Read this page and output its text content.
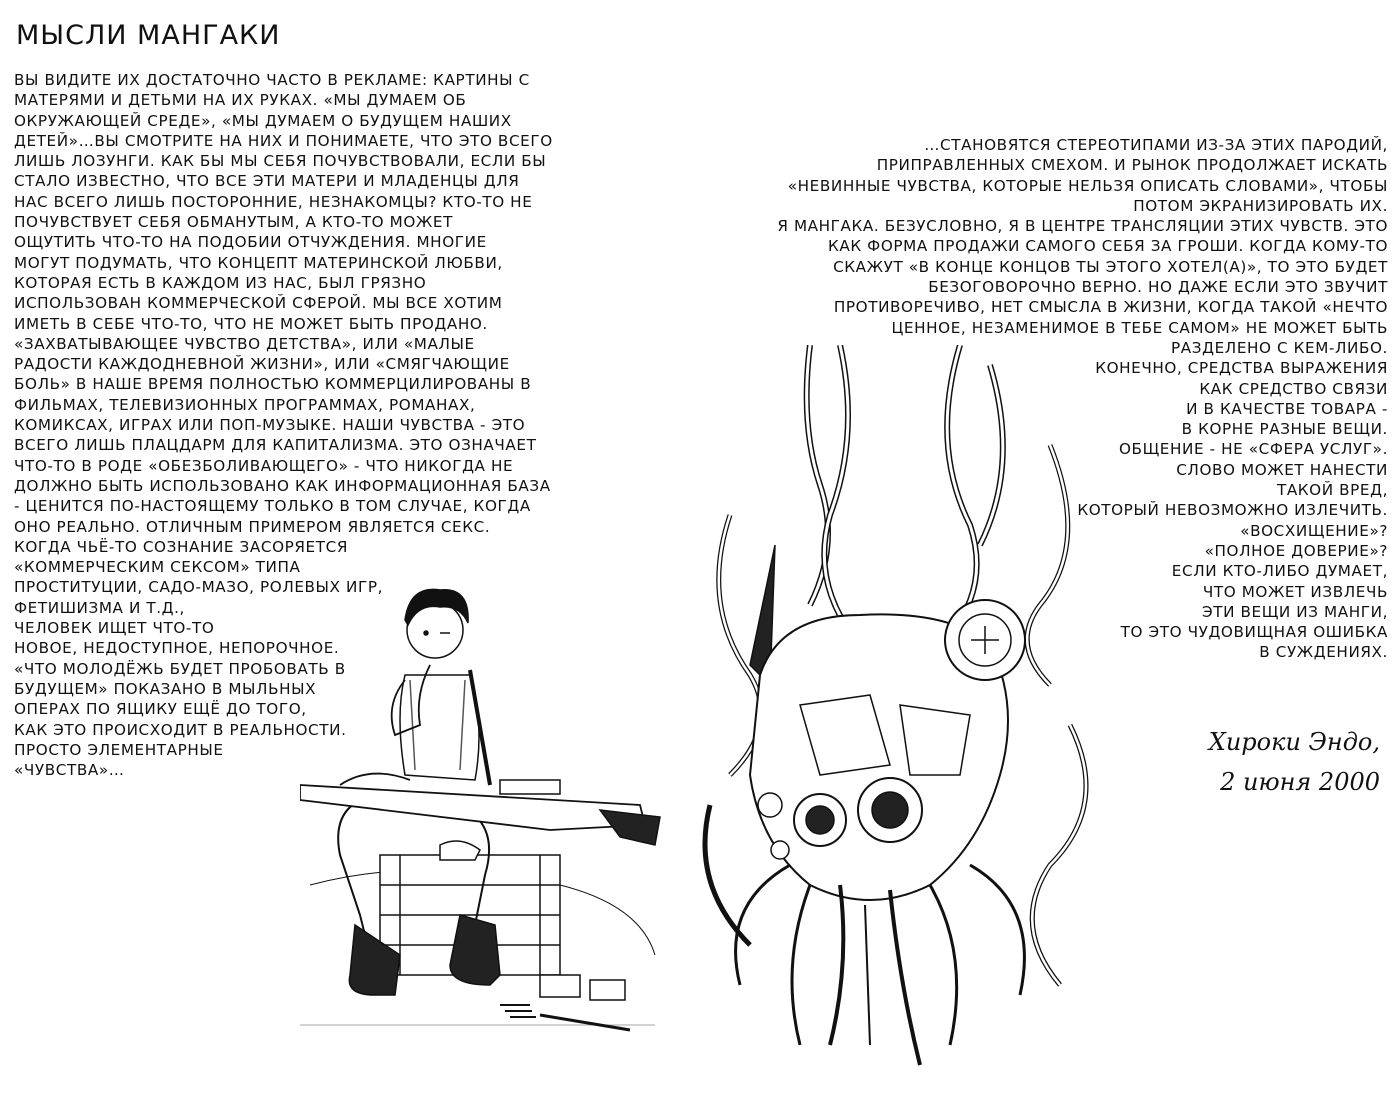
МЫСЛИ МАНГАКИ
ВЫ ВИДИТЕ ИХ ДОСТАТОЧНО ЧАСТО В РЕКЛАМЕ: КАРТИНЫ С
МАТЕРЯМИ И ДЕТЬМИ НА ИХ РУКАХ. «МЫ ДУМАЕМ ОБ
ОКРУЖАЮЩЕЙ СРЕДЕ», «МЫ ДУМАЕМ О БУДУЩЕМ НАШИХ
ДЕТЕЙ»…ВЫ СМОТРИТЕ НА НИХ И ПОНИМАЕТЕ, ЧТО ЭТО ВСЕГО
ЛИШЬ ЛОЗУНГИ. КАК БЫ МЫ СЕБЯ ПОЧУВСТВОВАЛИ, ЕСЛИ БЫ
СТАЛО ИЗВЕСТНО, ЧТО ВСЕ ЭТИ МАТЕРИ И МЛАДЕНЦЫ ДЛЯ
НАС ВСЕГО ЛИШЬ ПОСТОРОННИЕ, НЕЗНАКОМЦЫ? КТО-ТО НЕ
ПОЧУВСТВУЕТ СЕБЯ ОБМАНУТЫМ, А КТО-ТО МОЖЕТ
ОЩУТИТЬ ЧТО-ТО НА ПОДОБИИ ОТЧУЖДЕНИЯ. МНОГИЕ
МОГУТ ПОДУМАТЬ, ЧТО КОНЦЕПТ МАТЕРИНСКОЙ ЛЮБВИ,
КОТОРАЯ ЕСТЬ В КАЖДОМ ИЗ НАС, БЫЛ ГРЯЗНО
ИСПОЛЬЗОВАН КОММЕРЧЕСКОЙ СФЕРОЙ. МЫ ВСЕ ХОТИМ
ИМЕТЬ В СЕБЕ ЧТО-ТО, ЧТО НЕ МОЖЕТ БЫТЬ ПРОДАНО.
«ЗАХВАТЫВАЮЩЕЕ ЧУВСТВО ДЕТСТВА», ИЛИ «МАЛЫЕ
РАДОСТИ КАЖДОДНЕВНОЙ ЖИЗНИ», ИЛИ «СМЯГЧАЮЩИЕ
БОЛЬ» В НАШЕ ВРЕМЯ ПОЛНОСТЬЮ КОММЕРЦИЛИРОВАНЫ В
ФИЛЬМАХ, ТЕЛЕВИЗИОННЫХ ПРОГРАММАХ, РОМАНАХ,
КОМИКСАХ, ИГРАХ ИЛИ ПОП-МУЗЫКЕ. НАШИ ЧУВСТВА - ЭТО
ВСЕГО ЛИШЬ ПЛАЦДАРМ ДЛЯ КАПИТАЛИЗМА. ЭТО ОЗНАЧАЕТ
ЧТО-ТО В РОДЕ «ОБЕЗБОЛИВАЮЩЕГО» - ЧТО НИКОГДА НЕ
ДОЛЖНО БЫТЬ ИСПОЛЬЗОВАНО КАК ИНФОРМАЦИОННАЯ БАЗА
- ЦЕНИТСЯ ПО-НАСТОЯЩЕМУ ТОЛЬКО В ТОМ СЛУЧАЕ, КОГДА
ОНО РЕАЛЬНО. ОТЛИЧНЫМ ПРИМЕРОМ ЯВЛЯЕТСЯ СЕКС.
КОГДА ЧЬЁ-ТО СОЗНАНИЕ ЗАСОРЯЕТСЯ
«КОММЕРЧЕСКИМ СЕКСОМ» ТИПА
ПРОСТИТУЦИИ, САДО-МАЗО, РОЛЕВЫХ ИГР,
ФЕТИШИЗМА И Т.Д.,
ЧЕЛОВЕК ИЩЕТ ЧТО-ТО
НОВОЕ, НЕДОСТУПНОЕ, НЕПОРОЧНОЕ.
«ЧТО МОЛОДЁЖЬ БУДЕТ ПРОБОВАТЬ В
БУДУЩЕМ» ПОКАЗАНО В МЫЛЬНЫХ
ОПЕРАХ ПО ЯЩИКУ ЕЩЁ ДО ТОГО,
КАК ЭТО ПРОИСХОДИТ В РЕАЛЬНОСТИ.
ПРОСТО ЭЛЕМЕНТАРНЫЕ
«ЧУВСТВА»…
…СТАНОВЯТСЯ СТЕРЕОТИПАМИ ИЗ-ЗА ЭТИХ ПАРОДИЙ,
ПРИПРАВЛЕННЫХ СМЕХОМ. И РЫНОК ПРОДОЛЖАЕТ ИСКАТЬ
«НЕВИННЫЕ ЧУВСТВА, КОТОРЫЕ НЕЛЬЗЯ ОПИСАТЬ СЛОВАМИ», ЧТОБЫ
ПОТОМ ЭКРАНИЗИРОВАТЬ ИХ.
Я МАНГАКА. БЕЗУСЛОВНО, Я В ЦЕНТРЕ ТРАНСЛЯЦИИ ЭТИХ ЧУВСТВ. ЭТО
КАК ФОРМА ПРОДАЖИ САМОГО СЕБЯ ЗА ГРОШИ. КОГДА КОМУ-ТО
СКАЖУТ «В КОНЦЕ КОНЦОВ ТЫ ЭТОГО ХОТЕЛ(А)», ТО ЭТО БУДЕТ
БЕЗОГОВОРОЧНО ВЕРНО. НО ДАЖЕ ЕСЛИ ЭТО ЗВУЧИТ
ПРОТИВОРЕЧИВО, НЕТ СМЫСЛА В ЖИЗНИ, КОГДА ТАКОЙ «НЕЧТО
ЦЕННОЕ, НЕЗАМЕНИМОЕ В ТЕБЕ САМОМ» НЕ МОЖЕТ БЫТЬ
РАЗДЕЛЕНО С КЕМ-ЛИБО.
КОНЕЧНО, СРЕДСТВА ВЫРАЖЕНИЯ
КАК СРЕДСТВО СВЯЗИ
И В КАЧЕСТВЕ ТОВАРА -
В КОРНЕ РАЗНЫЕ ВЕЩИ.
ОБЩЕНИЕ - НЕ «СФЕРА УСЛУГ».
СЛОВО МОЖЕТ НАНЕСТИ
ТАКОЙ ВРЕД,
КОТОРЫЙ НЕВОЗМОЖНО ИЗЛЕЧИТЬ.
«ВОСХИЩЕНИЕ»?
«ПОЛНОЕ ДОВЕРИЕ»?
ЕСЛИ КТО-ЛИБО ДУМАЕТ,
ЧТО МОЖЕТ ИЗВЛЕЧЬ
ЭТИ ВЕЩИ ИЗ МАНГИ,
ТО ЭТО ЧУДОВИЩНАЯ ОШИБКА
В СУЖДЕНИЯХ.
Хироки Эндо,
2 июня 2000
